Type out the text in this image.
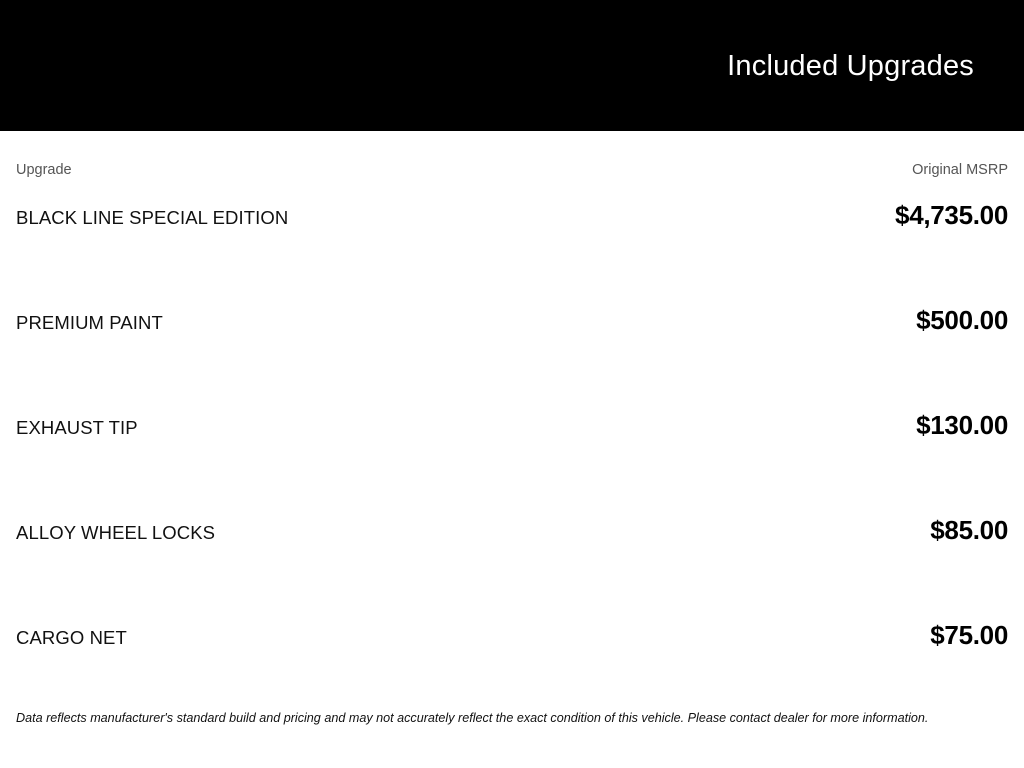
Included Upgrades
Upgrade	Original MSRP
BLACK LINE SPECIAL EDITION	$4,735.00
PREMIUM PAINT	$500.00
EXHAUST TIP	$130.00
ALLOY WHEEL LOCKS	$85.00
CARGO NET	$75.00
Data reflects manufacturer's standard build and pricing and may not accurately reflect the exact condition of this vehicle. Please contact dealer for more information.
